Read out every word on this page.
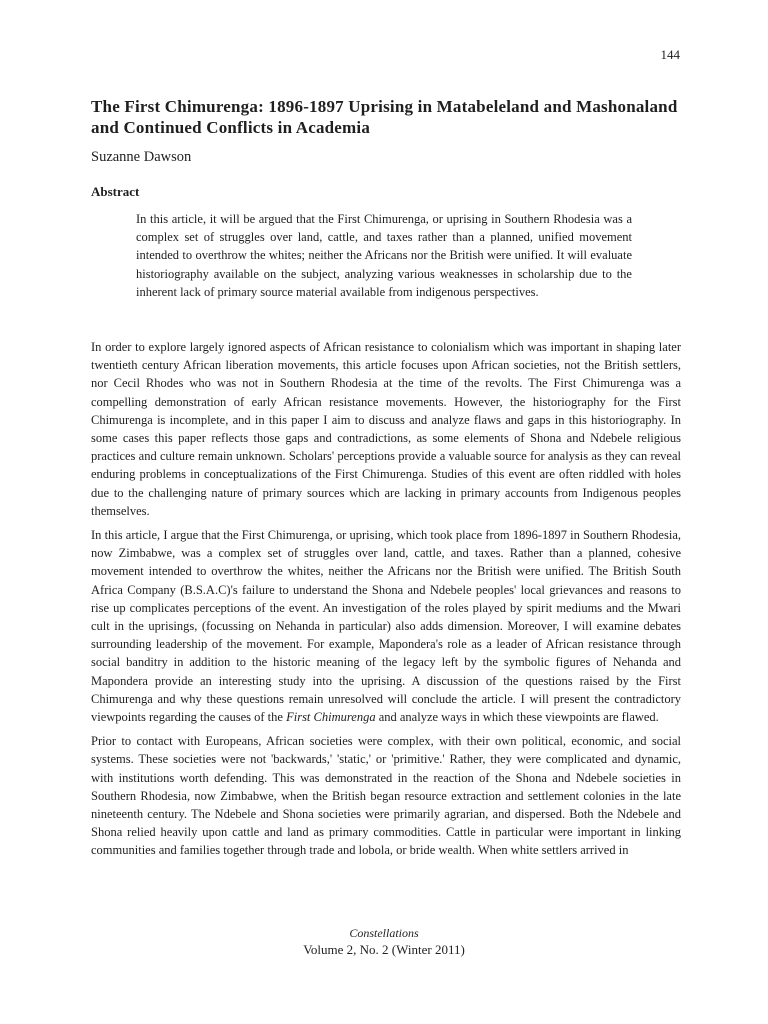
144
The First Chimurenga: 1896-1897 Uprising in Matabeleland and Mashonaland and Continued Conflicts in Academia
Suzanne Dawson
Abstract

In this article, it will be argued that the First Chimurenga, or uprising in Southern Rhodesia was a complex set of struggles over land, cattle, and taxes rather than a planned, unified movement intended to overthrow the whites; neither the Africans nor the British were unified. It will evaluate historiography available on the subject, analyzing various weaknesses in scholarship due to the inherent lack of primary source material available from indigenous perspectives.

In order to explore largely ignored aspects of African resistance to colonialism which was important in shaping later twentieth century African liberation movements, this article focuses upon African societies, not the British settlers, nor Cecil Rhodes who was not in Southern Rhodesia at the time of the revolts. The First Chimurenga was a compelling demonstration of early African resistance movements. However, the historiography for the First Chimurenga is incomplete, and in this paper I aim to discuss and analyze flaws and gaps in this historiography. In some cases this paper reflects those gaps and contradictions, as some elements of Shona and Ndebele religious practices and culture remain unknown. Scholars' perceptions provide a valuable source for analysis as they can reveal enduring problems in conceptualizations of the First Chimurenga. Studies of this event are often riddled with holes due to the challenging nature of primary sources which are lacking in primary accounts from Indigenous peoples themselves.

In this article, I argue that the First Chimurenga, or uprising, which took place from 1896-1897 in Southern Rhodesia, now Zimbabwe, was a complex set of struggles over land, cattle, and taxes. Rather than a planned, cohesive movement intended to overthrow the whites, neither the Africans nor the British were unified. The British South Africa Company (B.S.A.C)'s failure to understand the Shona and Ndebele peoples' local grievances and reasons to rise up complicates perceptions of the event. An investigation of the roles played by spirit mediums and the Mwari cult in the uprisings, (focussing on Nehanda in particular) also adds dimension. Moreover, I will examine debates surrounding leadership of the movement. For example, Mapondera's role as a leader of African resistance through social banditry in addition to the historic meaning of the legacy left by the symbolic figures of Nehanda and Mapondera provide an interesting study into the uprising. A discussion of the questions raised by the First Chimurenga and why these questions remain unresolved will conclude the article. I will present the contradictory viewpoints regarding the causes of the First Chimurenga and analyze ways in which these viewpoints are flawed.

Prior to contact with Europeans, African societies were complex, with their own political, economic, and social systems. These societies were not 'backwards,' 'static,' or 'primitive.' Rather, they were complicated and dynamic, with institutions worth defending. This was demonstrated in the reaction of the Shona and Ndebele societies in Southern Rhodesia, now Zimbabwe, when the British began resource extraction and settlement colonies in the late nineteenth century. The Ndebele and Shona societies were primarily agrarian, and dispersed. Both the Ndebele and Shona relied heavily upon cattle and land as primary commodities. Cattle in particular were important in linking communities and families together through trade and lobola, or bride wealth. When white settlers arrived in

Constellations
Volume 2, No. 2 (Winter 2011)
